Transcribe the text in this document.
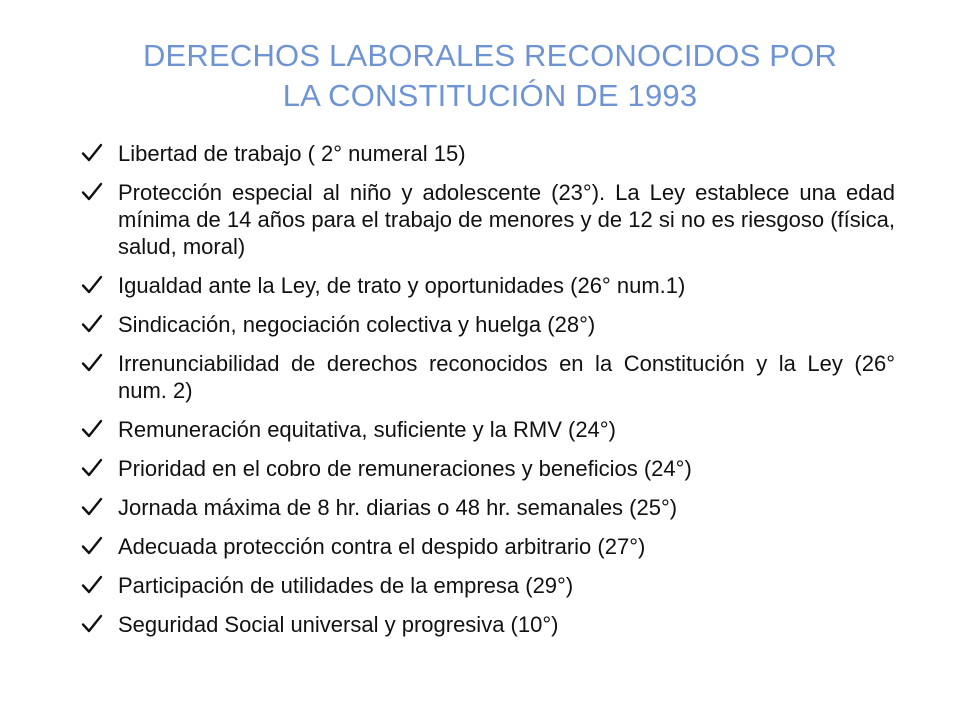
DERECHOS LABORALES RECONOCIDOS POR
LA CONSTITUCIÓN DE 1993
Libertad de trabajo ( 2° numeral 15)
Protección especial al niño y adolescente (23°). La Ley establece una edad mínima de 14 años para el trabajo de menores y de 12 si no es riesgoso (física, salud, moral)
Igualdad ante la Ley, de trato y oportunidades (26° num.1)
Sindicación, negociación colectiva y huelga (28°)
Irrenunciabilidad de derechos reconocidos en la Constitución y la Ley (26° num. 2)
Remuneración equitativa, suficiente y la RMV (24°)
Prioridad en el cobro de remuneraciones y beneficios (24°)
Jornada máxima de 8 hr. diarias o 48 hr. semanales (25°)
Adecuada protección contra el despido arbitrario (27°)
Participación de utilidades de la empresa (29°)
Seguridad Social universal y progresiva (10°)
